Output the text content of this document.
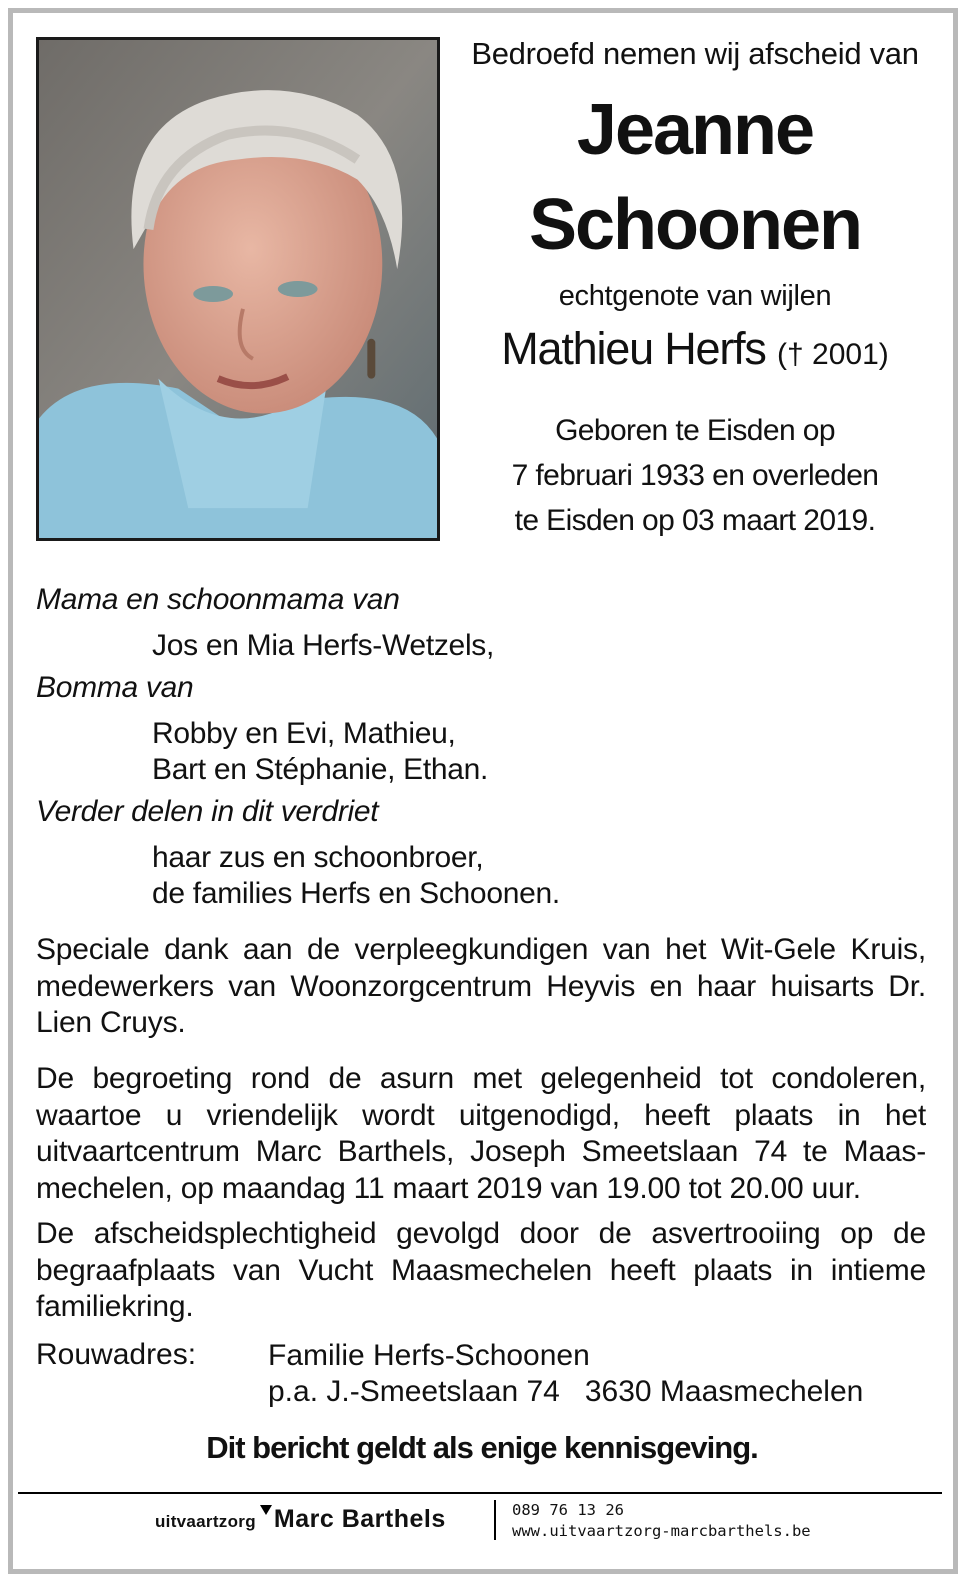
Bedroefd nemen wij afscheid van
Jeanne
Schoonen
echtgenote van wijlen
Mathieu Herfs († 2001)
Geboren te Eisden op
7 februari 1933 en overleden
te Eisden op 03 maart 2019.
Mama en schoonmama van
Jos en Mia Herfs-Wetzels,
Bomma van
Robby en Evi, Mathieu,
Bart en Stéphanie, Ethan.
Verder delen in dit verdriet
haar zus en schoonbroer,
de families Herfs en Schoonen.
Speciale dank aan de verpleegkundigen van het Wit-Gele Kruis, medewerkers van Woonzorgcentrum Heyvis en haar huisarts Dr. Lien Cruys.
De begroeting rond de asurn met gelegenheid tot condoleren, waartoe u vriendelijk wordt uitgenodigd, heeft plaats in het uitvaartcentrum Marc Barthels, Joseph Smeetslaan 74 te Maas-mechelen, op maandag 11 maart 2019 van 19.00 tot 20.00 uur.
De afscheidsplechtigheid gevolgd door de asvertrooiing op de begraafplaats van Vucht Maasmechelen heeft plaats in intieme familiekring.
Rouwadres: Familie Herfs-Schoonen
p.a. J.-Smeetslaan 74   3630 Maasmechelen
Dit bericht geldt als enige kennisgeving.
uitvaartzorg Marc Barthels	089 76 13 26
www.uitvaartzorg-marcbarthels.be
